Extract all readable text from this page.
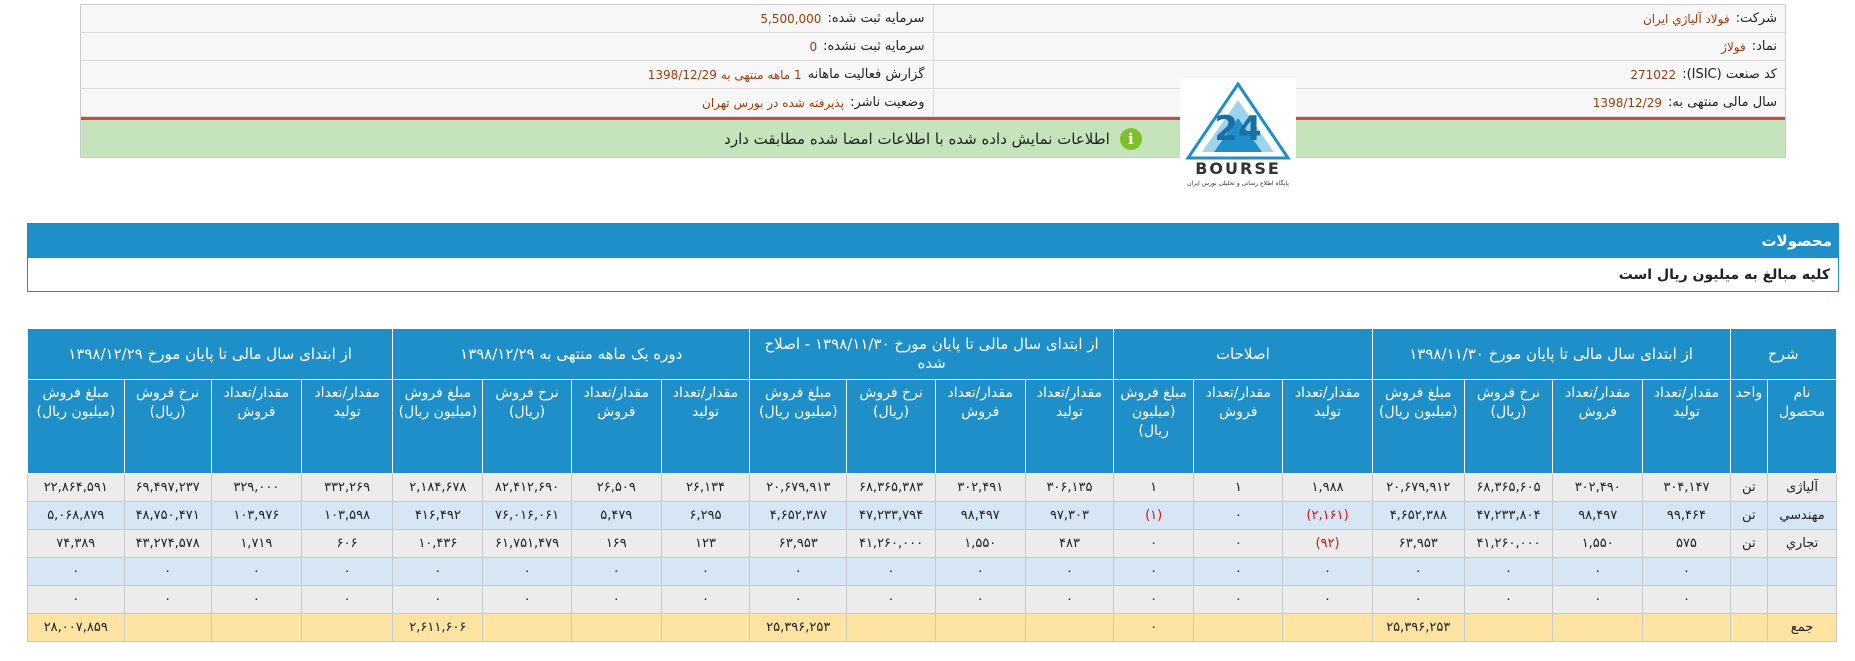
شرکت:
فولاد آلياژي ايران
سرمایه ثبت شده:
5,500,000
نماد:
فولاژ
سرمایه ثبت نشده:
0
کد صنعت (ISIC):
271022
گزارش فعالیت ماهانه
1 ماهه منتهی به 1398/12/29
سال مالی منتهی به:
1398/12/29
وضعیت ناشر:
پذیرفته شده در بورس تهران
i
اطلاعات نمایش داده شده با اطلاعات امضا شده مطابقت دارد	24
BOURSE
پایگاه اطلاع رسانی و تحلیلی بورس ایران
محصولات
کلیه مبالغ به میلیون ریال است
شرح		از ابتدای سال مالی تا پایان مورخ ۱۳۹۸/۱۱/۳۰				اصلاحات			از ابتدای سال مالی تا پایان مورخ ۱۳۹۸/۱۱/۳۰ - اصلاح شده				دوره یک ماهه منتهی به ۱۳۹۸/۱۲/۲۹				از ابتدای سال مالی تا پایان مورخ ۱۳۹۸/۱۲/۲۹			
نام محصول	واحد	مقدار/تعداد تولید	مقدار/تعداد فروش	نرخ فروش (ریال)	مبلغ فروش (میلیون ریال)	مقدار/تعداد تولید	مقدار/تعداد فروش	مبلغ فروش (میلیون ریال)	مقدار/تعداد تولید	مقدار/تعداد فروش	نرخ فروش (ریال)	مبلغ فروش (میلیون ریال)	مقدار/تعداد تولید	مقدار/تعداد فروش	نرخ فروش (ریال)	مبلغ فروش (میلیون ریال)	مقدار/تعداد تولید	مقدار/تعداد فروش	نرخ فروش (ریال)	مبلغ فروش (میلیون ریال)
آلیاژی	تن	۳۰۴,۱۴۷	۳۰۲,۴۹۰	۶۸,۳۶۵,۶۰۵	۲۰,۶۷۹,۹۱۲	۱,۹۸۸	۱	۱	۳۰۶,۱۳۵	۳۰۲,۴۹۱	۶۸,۳۶۵,۳۸۳	۲۰,۶۷۹,۹۱۳	۲۶,۱۳۴	۲۶,۵۰۹	۸۲,۴۱۲,۶۹۰	۲,۱۸۴,۶۷۸	۳۳۲,۲۶۹	۳۲۹,۰۰۰	۶۹,۴۹۷,۲۳۷	۲۲,۸۶۴,۵۹۱
مهندسي	تن	۹۹,۴۶۴	۹۸,۴۹۷	۴۷,۲۳۳,۸۰۴	۴,۶۵۲,۳۸۸	(۲,۱۶۱)	۰	(۱)	۹۷,۳۰۳	۹۸,۴۹۷	۴۷,۲۳۳,۷۹۴	۴,۶۵۲,۳۸۷	۶,۲۹۵	۵,۴۷۹	۷۶,۰۱۶,۰۶۱	۴۱۶,۴۹۲	۱۰۳,۵۹۸	۱۰۳,۹۷۶	۴۸,۷۵۰,۴۷۱	۵,۰۶۸,۸۷۹
تجاري	تن	۵۷۵	۱,۵۵۰	۴۱,۲۶۰,۰۰۰	۶۳,۹۵۳	(۹۲)	۰	۰	۴۸۳	۱,۵۵۰	۴۱,۲۶۰,۰۰۰	۶۳,۹۵۳	۱۲۳	۱۶۹	۶۱,۷۵۱,۴۷۹	۱۰,۴۳۶	۶۰۶	۱,۷۱۹	۴۳,۲۷۴,۵۷۸	۷۴,۳۸۹
		۰	۰	۰	۰	۰	۰	۰	۰	۰	۰	۰	۰	۰	۰	۰	۰	۰	۰	۰
		۰	۰	۰	۰	۰	۰	۰	۰	۰	۰	۰	۰	۰	۰	۰	۰	۰	۰	۰
جمع					۲۵,۳۹۶,۲۵۳			۰				۲۵,۳۹۶,۲۵۳				۲,۶۱۱,۶۰۶				۲۸,۰۰۷,۸۵۹
